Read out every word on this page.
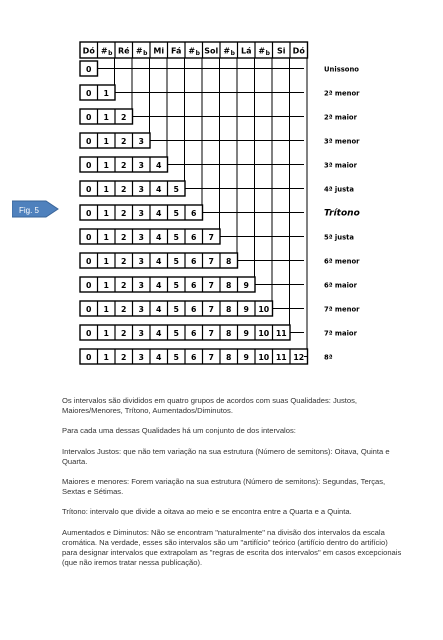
Dó # b Ré # b Mi Fá # b Sol # b Lá # b Si Dó
0	Unissono
0 1	2ª menor
0 1 2	2ª maior
0 1 2 3	3ª menor
0 1 2 3 4	3ª maior
0 1 2 3 4 5	4ª justa
0 1 2 3 4 5 6	Trítono
0 1 2 3 4 5 6 7	5ª justa
0 1 2 3 4 5 6 7 8	6ª menor
0 1 2 3 4 5 6 7 8 9	6ª maior
0 1 2 3 4 5 6 7 8 9 10	7ª menor
0 1 2 3 4 5 6 7 8 9 10 11	7ª maior
0 1 2 3 4 5 6 7 8 9 10 11 12	8ª
Fig. 5

Os intervalos são divididos em quatro grupos de acordos com suas Qualidades: Justos, Maiores/Menores, Trítono, Aumentados/Diminutos.

Para cada uma dessas Qualidades há um conjunto de dos intervalos:

Intervalos Justos: que não tem variação na sua estrutura (Número de semitons): Oitava, Quinta e Quarta.

Maiores e menores: Forem variação na sua estrutura (Número de semitons): Segundas, Terças, Sextas e Sétimas.

Trítono: intervalo que divide a oitava ao meio e se encontra entre a Quarta e a Quinta.

Aumentados e Diminutos: Não se encontram "naturalmente" na divisão dos intervalos da escala cromática. Na verdade, esses são intervalos são um "artifício" teórico (artifício dentro do artifício) para designar intervalos que extrapolam as "regras de escrita dos intervalos" em casos excepcionais (que não iremos tratar nessa publicação).
